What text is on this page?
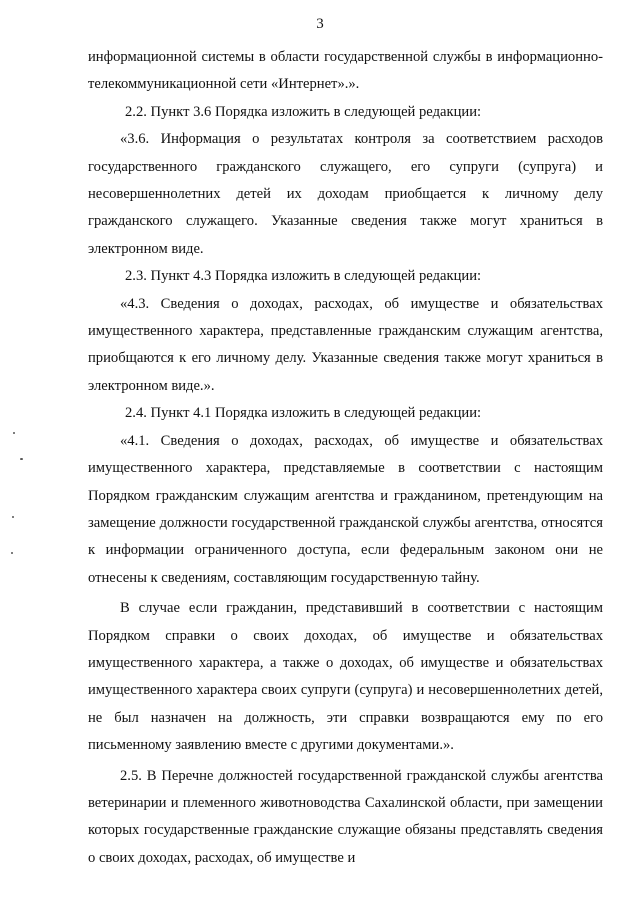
3

информационной системы в области государственной службы в информационно-телекоммуникационной сети «Интернет».».

2.2. Пункт 3.6 Порядка изложить в следующей редакции:

«3.6. Информация о результатах контроля за соответствием расходов государственного гражданского служащего, его супруги (супруга) и несовершеннолетних детей их доходам приобщается к личному делу гражданского служащего. Указанные сведения также могут храниться в электронном виде.

2.3. Пункт 4.3 Порядка изложить в следующей редакции:

«4.3. Сведения о доходах, расходах, об имуществе и обязательствах имущественного характера, представленные гражданским служащим агентства, приобщаются к его личному делу. Указанные сведения также могут храниться в электронном виде.».

2.4. Пункт 4.1 Порядка изложить в следующей редакции:

«4.1. Сведения о доходах, расходах, об имуществе и обязательствах имущественного характера, представляемые в соответствии с настоящим Порядком гражданским служащим агентства и гражданином, претендующим на замещение должности государственной гражданской службы агентства, относятся к информации ограниченного доступа, если федеральным законом они не отнесены к сведениям, составляющим государственную тайну.

В случае если гражданин, представивший в соответствии с настоящим Порядком справки о своих доходах, об имуществе и обязательствах имущественного характера, а также о доходах, об имуществе и обязательствах имущественного характера своих супруги (супруга) и несовершеннолетних детей, не был назначен на должность, эти справки возвращаются ему по его письменному заявлению вместе с другими документами.».

2.5. В Перечне должностей государственной гражданской службы агентства ветеринарии и племенного животноводства Сахалинской области, при замещении которых государственные гражданские служащие обязаны представлять сведения о своих доходах, расходах, об имуществе и
